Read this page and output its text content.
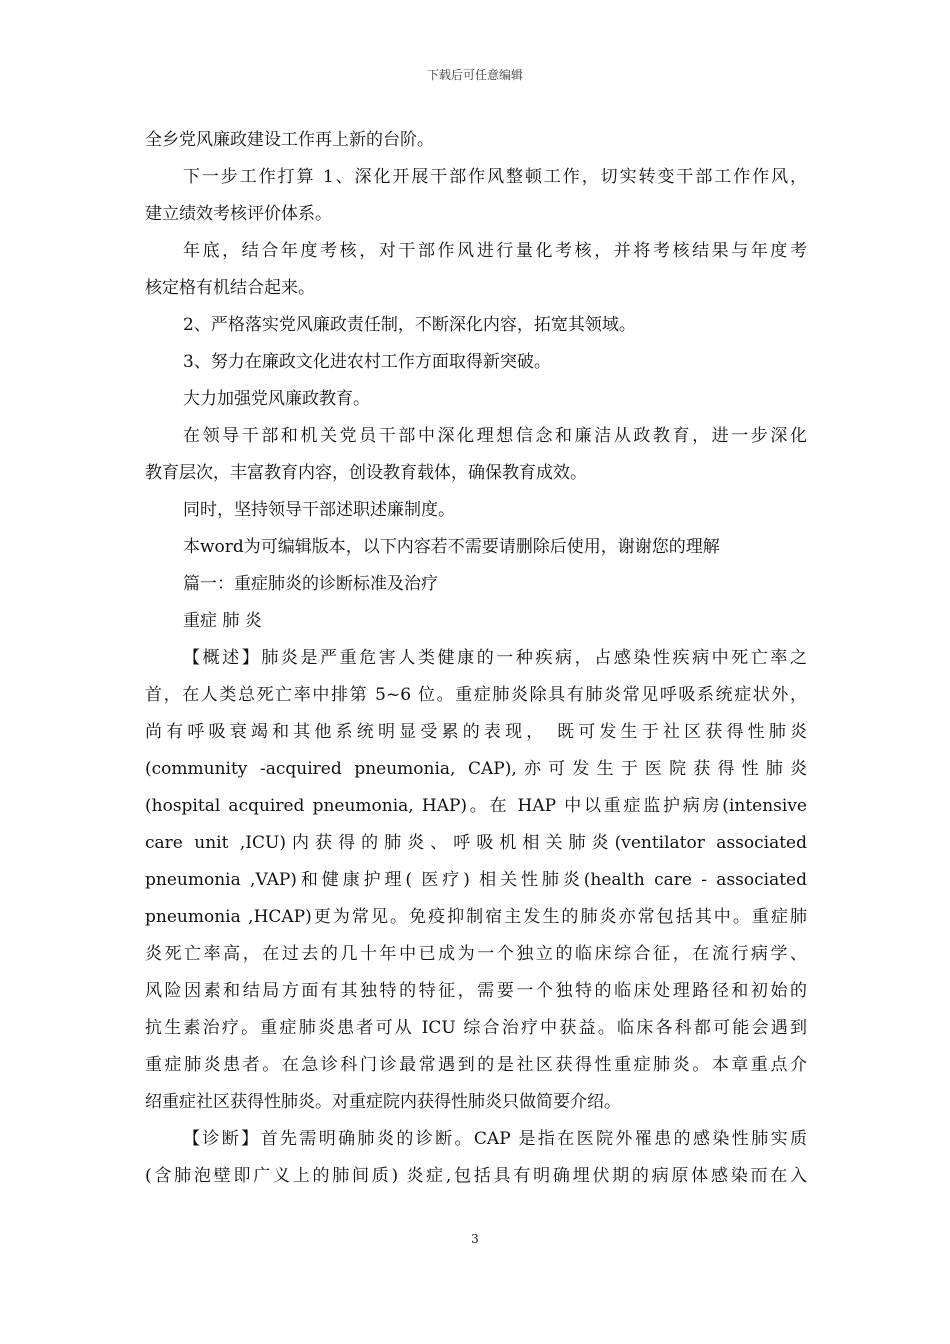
下载后可任意编辑

全乡党风廉政建设工作再上新的台阶。

下一步工作打算 1、深化开展干部作风整顿工作，切实转变干部工作作风，

建立绩效考核评价体系。

年底，结合年度考核，对干部作风进行量化考核，并将考核结果与年度考

核定格有机结合起来。

2、严格落实党风廉政责任制，不断深化内容，拓宽其领域。

3、努力在廉政文化进农村工作方面取得新突破。

大力加强党风廉政教育。

在领导干部和机关党员干部中深化理想信念和廉洁从政教育，进一步深化

教育层次，丰富教育内容，创设教育载体，确保教育成效。

同时，坚持领导干部述职述廉制度。

本word为可编辑版本，以下内容若不需要请删除后使用，谢谢您的理解

篇一：重症肺炎的诊断标准及治疗

重症 肺 炎

【概述】肺炎是严重危害人类健康的一种疾病，占感染性疾病中死亡率之

首，在人类总死亡率中排第 5~6 位。重症肺炎除具有肺炎常见呼吸系统症状外，

尚有呼吸衰竭和其他系统明显受累的表现， 既可发生于社区获得性肺炎

(community -acquired pneumonia, CAP),亦可发生于医院获得性肺炎

(hospital acquired pneumonia, HAP)。在 HAP 中以重症监护病房(intensive

care unit ,ICU)内获得的肺炎、呼吸机相关肺炎(ventilator associated

pneumonia ,VAP)和健康护理( 医疗) 相关性肺炎(health care - associated

pneumonia ,HCAP)更为常见。免疫抑制宿主发生的肺炎亦常包括其中。重症肺

炎死亡率高，在过去的几十年中已成为一个独立的临床综合征，在流行病学、

风险因素和结局方面有其独特的特征，需要一个独特的临床处理路径和初始的

抗生素治疗。重症肺炎患者可从 ICU 综合治疗中获益。临床各科都可能会遇到

重症肺炎患者。在急诊科门诊最常遇到的是社区获得性重症肺炎。本章重点介

绍重症社区获得性肺炎。对重症院内获得性肺炎只做简要介绍。

【诊断】首先需明确肺炎的诊断。CAP 是指在医院外罹患的感染性肺实质

(含肺泡壁即广义上的肺间质) 炎症,包括具有明确埋伏期的病原体感染而在入

3
